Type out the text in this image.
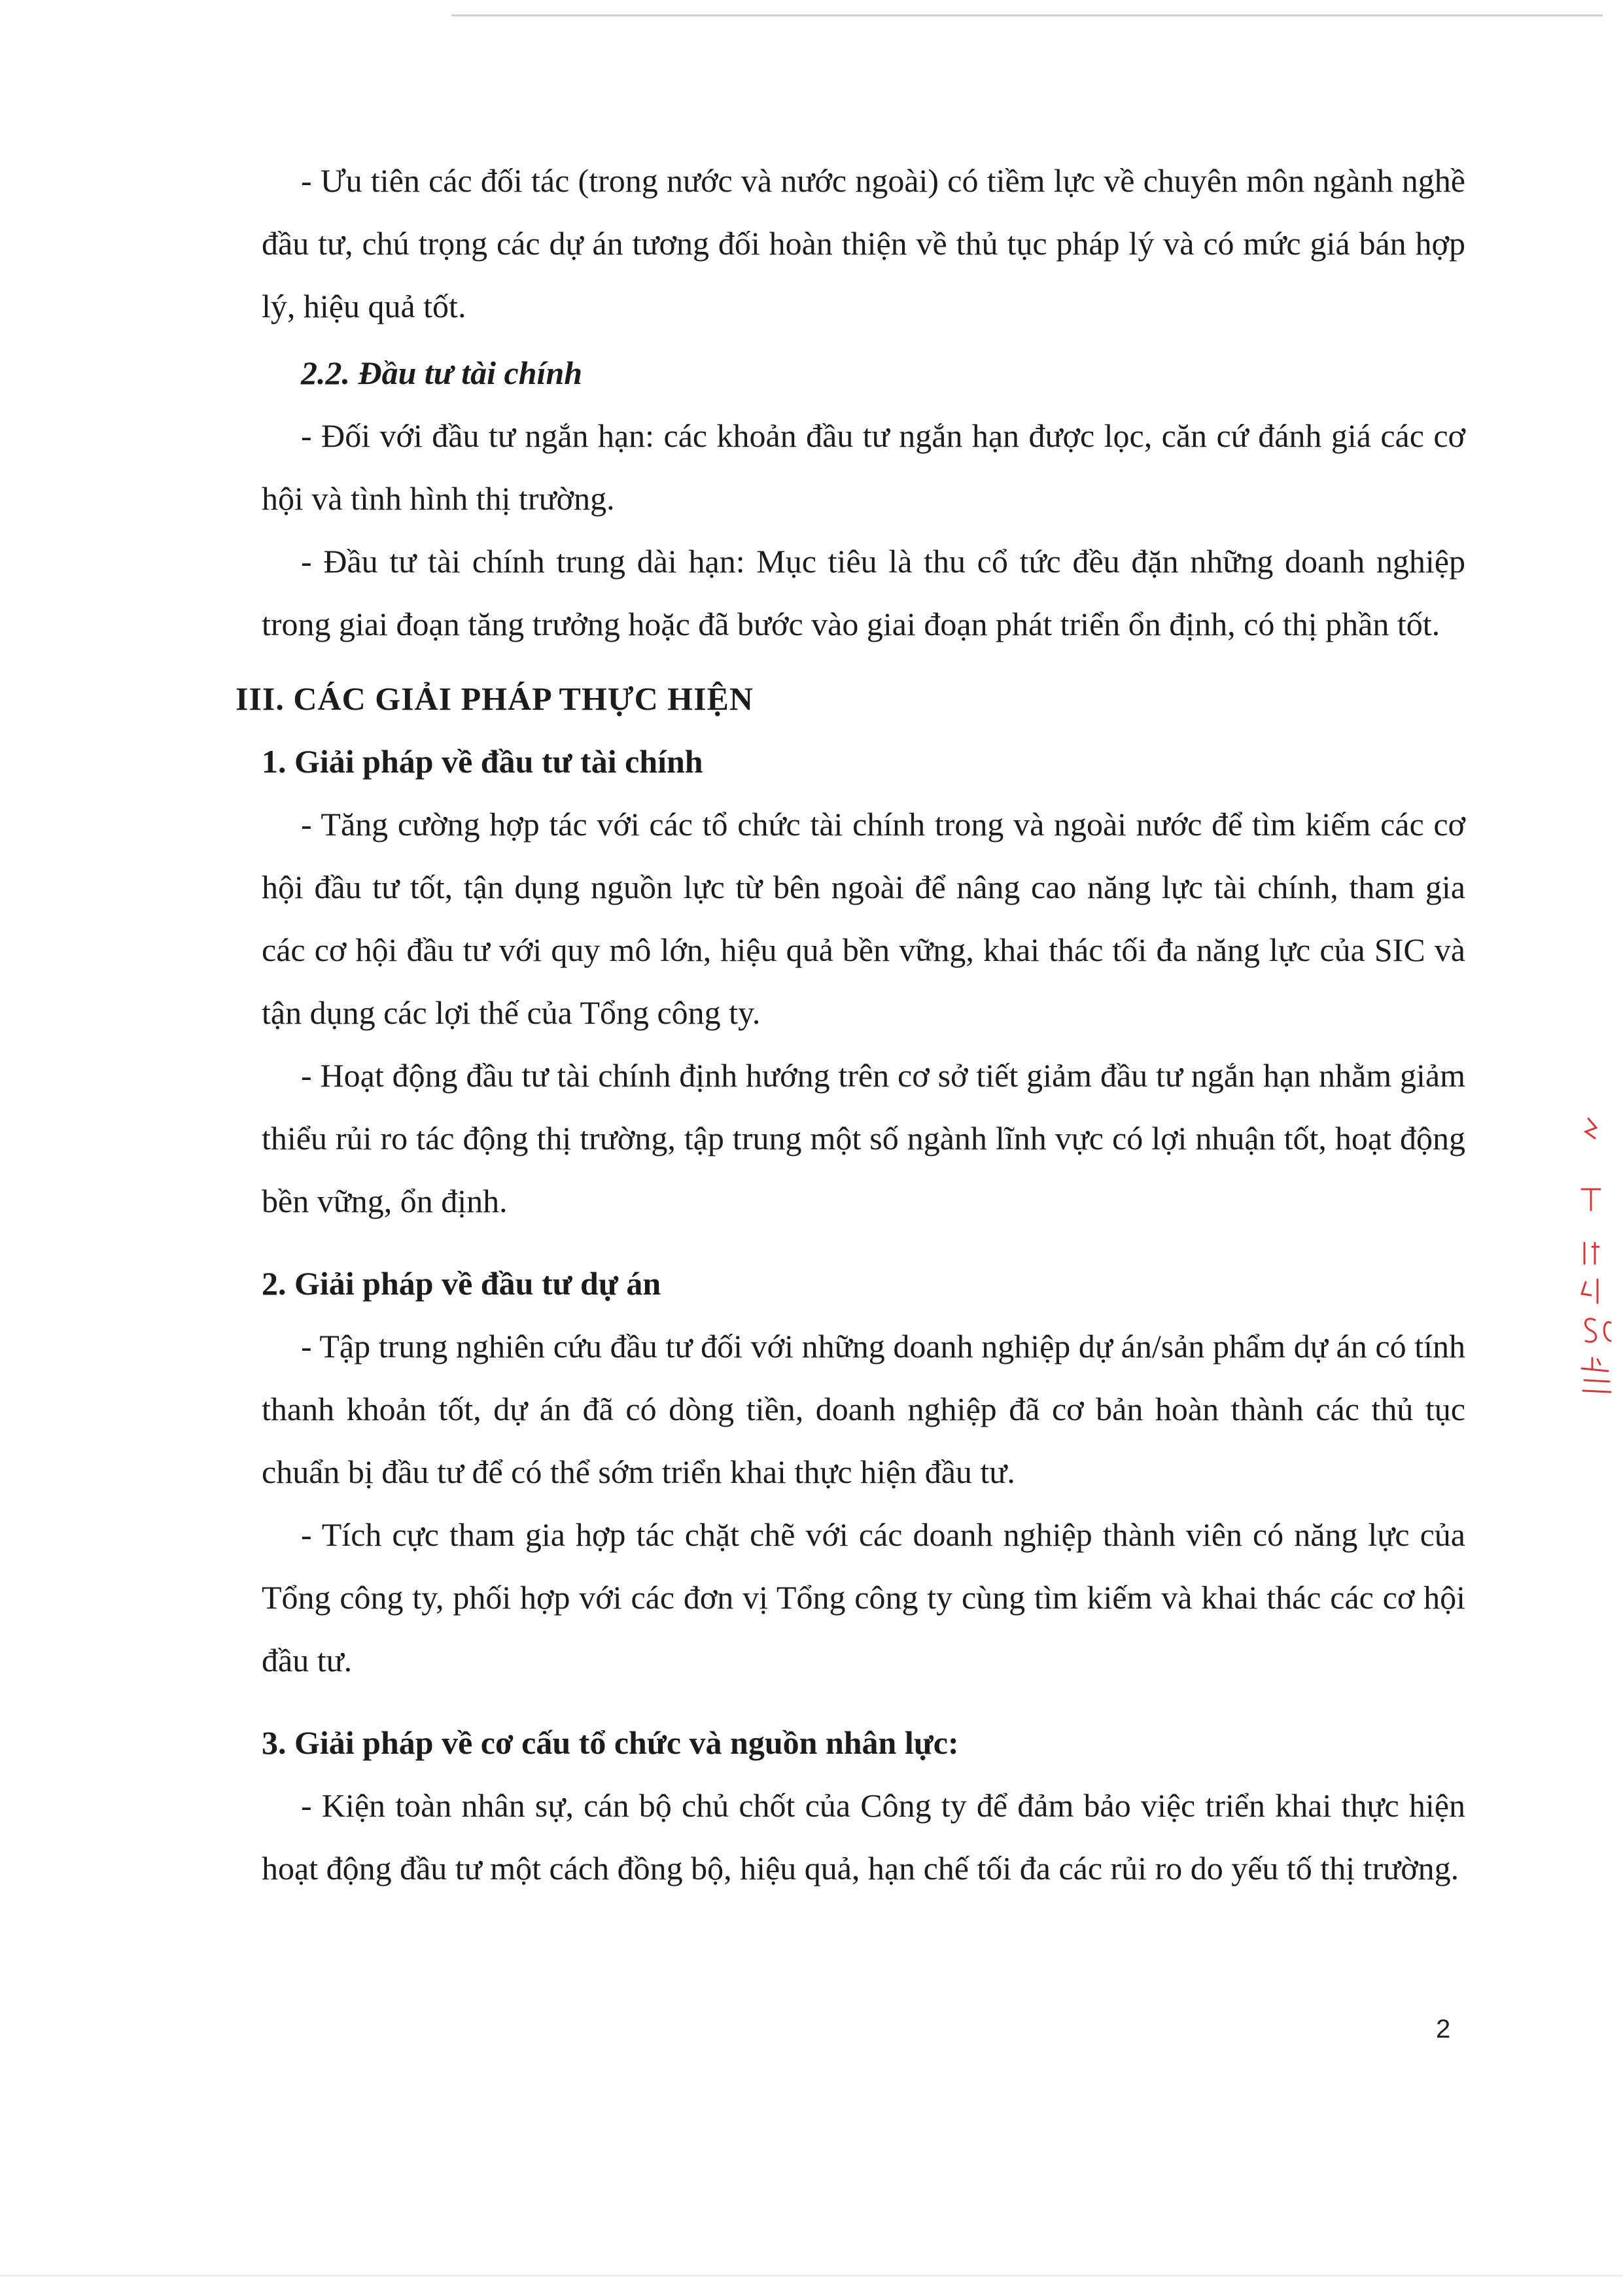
- Ưu tiên các đối tác (trong nước và nước ngoài) có tiềm lực về chuyên môn ngành nghề đầu tư, chú trọng các dự án tương đối hoàn thiện về thủ tục pháp lý và có mức giá bán hợp lý, hiệu quả tốt.

2.2. Đầu tư tài chính

- Đối với đầu tư ngắn hạn: các khoản đầu tư ngắn hạn được lọc, căn cứ đánh giá các cơ hội và tình hình thị trường.

- Đầu tư tài chính trung dài hạn: Mục tiêu là thu cổ tức đều đặn những doanh nghiệp trong giai đoạn tăng trưởng hoặc đã bước vào giai đoạn phát triển ổn định, có thị phần tốt.

III. CÁC GIẢI PHÁP THỰC HIỆN

1. Giải pháp về đầu tư tài chính

- Tăng cường hợp tác với các tổ chức tài chính trong và ngoài nước để tìm kiếm các cơ hội đầu tư tốt, tận dụng nguồn lực từ bên ngoài để nâng cao năng lực tài chính, tham gia các cơ hội đầu tư với quy mô lớn, hiệu quả bền vững, khai thác tối đa năng lực của SIC và tận dụng các lợi thế của Tổng công ty.

- Hoạt động đầu tư tài chính định hướng trên cơ sở tiết giảm đầu tư ngắn hạn nhằm giảm thiểu rủi ro tác động thị trường, tập trung một số ngành lĩnh vực có lợi nhuận tốt, hoạt động bền vững, ổn định.

2. Giải pháp về đầu tư dự án

- Tập trung nghiên cứu đầu tư đối với những doanh nghiệp dự án/sản phẩm dự án có tính thanh khoản tốt, dự án đã có dòng tiền, doanh nghiệp đã cơ bản hoàn thành các thủ tục chuẩn bị đầu tư để có thể sớm triển khai thực hiện đầu tư.

- Tích cực tham gia hợp tác chặt chẽ với các doanh nghiệp thành viên có năng lực của Tổng công ty, phối hợp với các đơn vị Tổng công ty cùng tìm kiếm và khai thác các cơ hội đầu tư.

3. Giải pháp về cơ cấu tổ chức và nguồn nhân lực:

- Kiện toàn nhân sự, cán bộ chủ chốt của Công ty để đảm bảo việc triển khai thực hiện hoạt động đầu tư một cách đồng bộ, hiệu quả, hạn chế tối đa các rủi ro do yếu tố thị trường.

2
